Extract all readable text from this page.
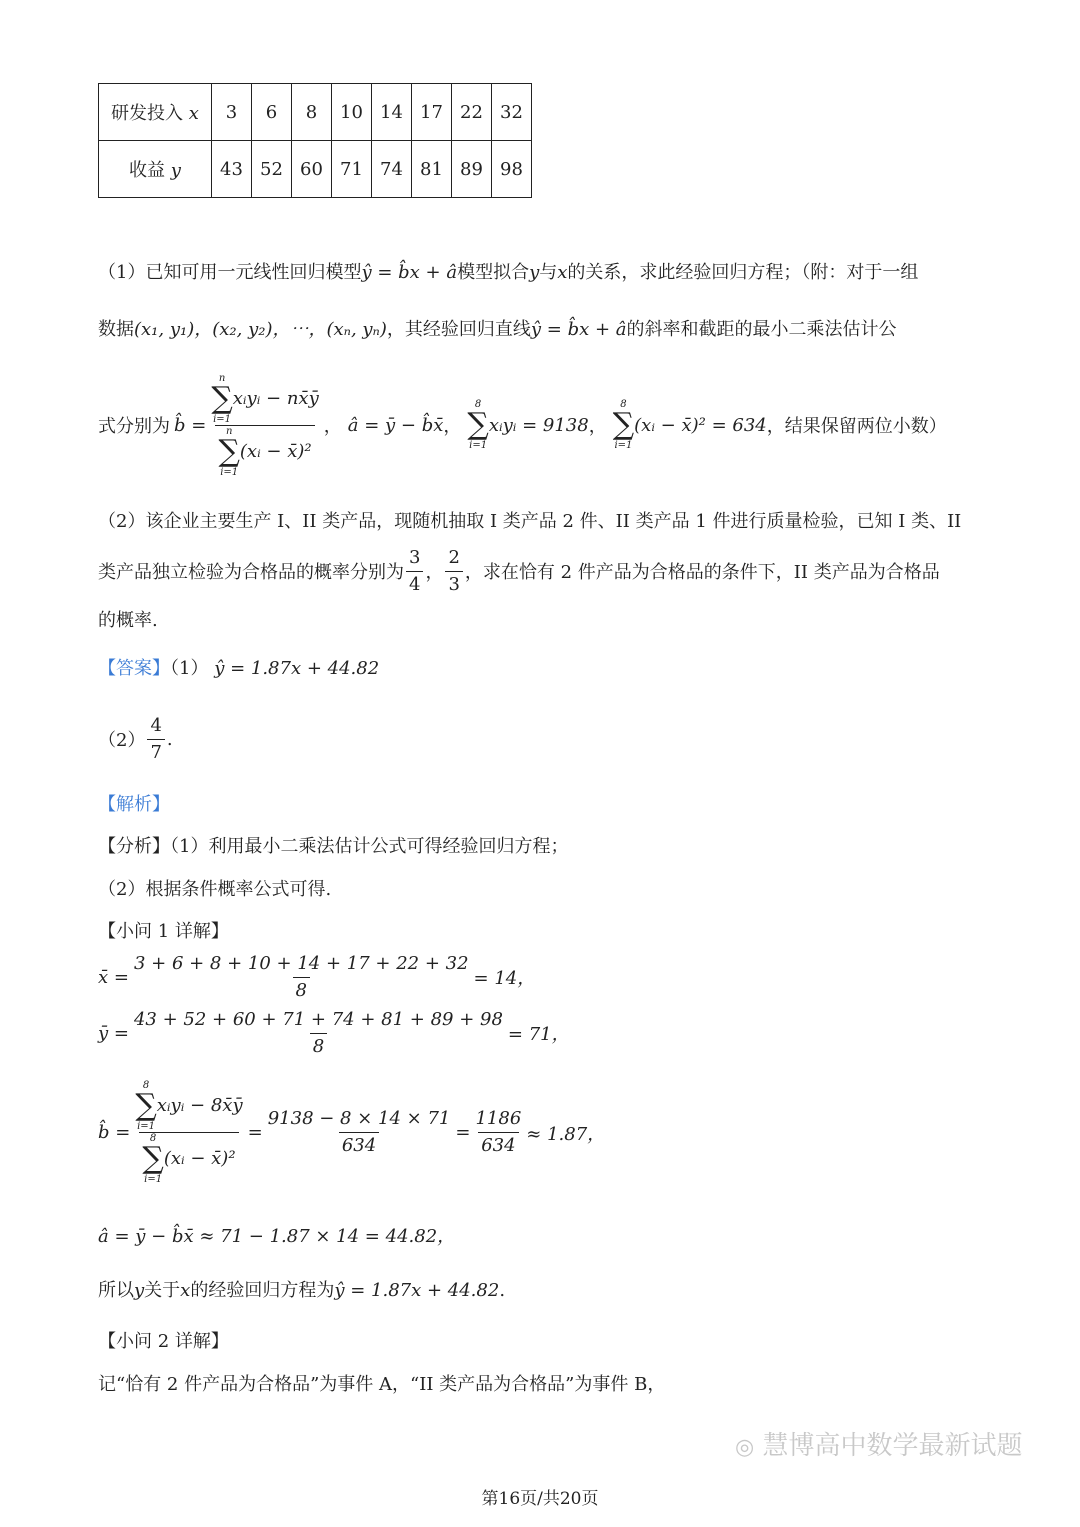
研发投入 x	3	6	8	10	14	17	22	32
收益 y	43	52	60	71	74	81	89	98
（1）已知可用一元线性回归模型ŷ = b̂x + â模型拟合y与x的关系，求此经验回归方程；（附：对于一组
数据(x₁, y₁)，(x₂, y₂)，⋯，(xₙ, yₙ)，其经验回归直线ŷ = b̂x + â的斜率和截距的最小二乘法估计公
式分别为 b̂ = n
∑
i=1
xᵢyᵢ − nx̄ȳ
n
∑
i=1
(xᵢ − x̄)² ， â = ȳ − b̂x̄ ，
8
∑
i=1
xᵢyᵢ = 9138 ，
8
∑
i=1
(xᵢ − x̄)² = 634 ，结果保留两位小数）
（2）该企业主要生产 I、II 类产品，现随机抽取 I 类产品 2 件、II 类产品 1 件进行质量检验，已知 I 类、II
类产品独立检验为合格品的概率分别为 $\frac{3}{4}$ ， $\frac{2}{3}$ ，求在恰有 2 件产品为合格品的条件下，II 类产品为合格品
的概率.
【答案】（1） ŷ = 1.87x + 44.82
$(2) \frac{4}{7}$ .
【解析】
【分析】（1）利用最小二乘法估计公式可得经验回归方程；
（2）根据条件概率公式可得.
【小问 1 详解】
x̄ = $\frac{3 + 6 + 8 + 10 + 14 + 17 + 22 + 32}{8} = 14$，
ȳ = $\frac{43 + 52 + 60 + 71 + 74 + 81 + 89 + 98}{8} = 71$，
b̂ = 8
∑
i=1
xᵢyᵢ − 8x̄ȳ
8
∑
i=1
(xᵢ − x̄)² = $\frac{9138 - 8 \times 14 \times 71}{634} = \frac{1186}{634} \approx 1.87$，
â = ȳ − b̂x̄ ≈ 71 − 1.87 × 14 = 44.82，
所以y关于x的经验回归方程为ŷ = 1.87x + 44.82.
【小问 2 详解】
记“恰有 2 件产品为合格品”为事件 A，“II 类产品为合格品”为事件 B，
◎ 慧博高中数学最新试题
第16页/共20页
